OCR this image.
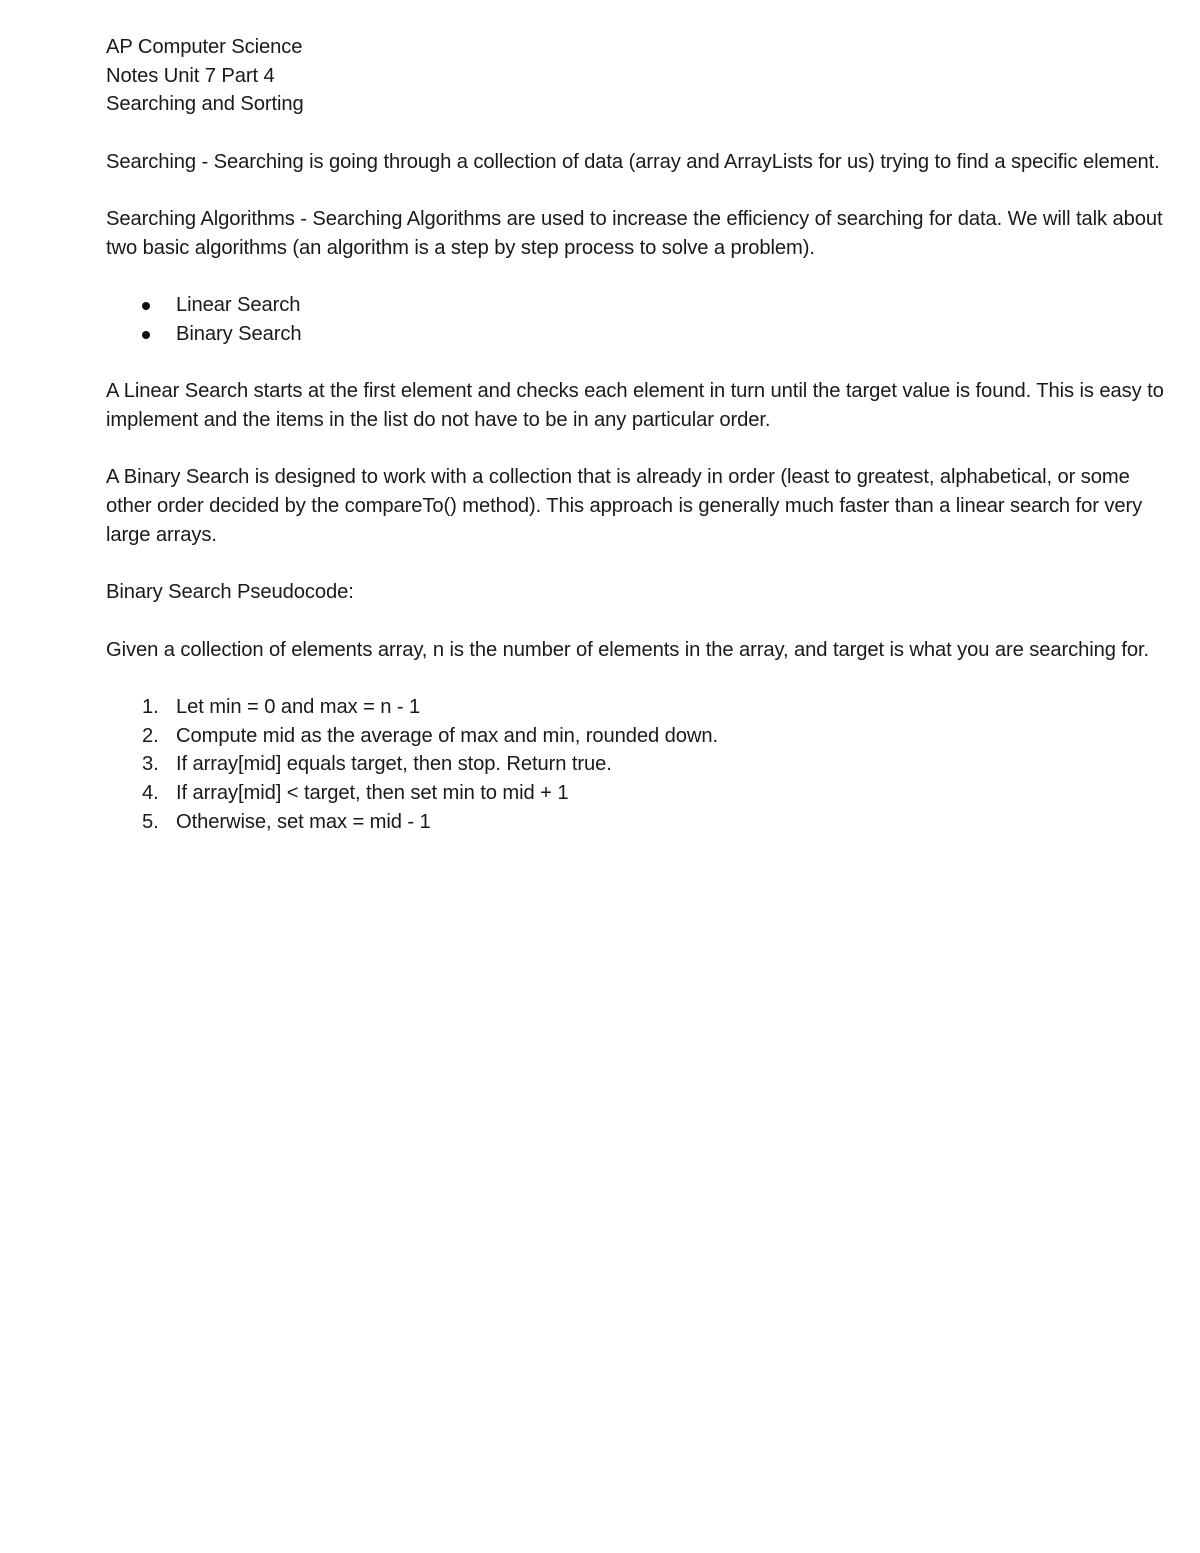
AP Computer Science

Notes Unit 7 Part 4

Searching and Sorting

Searching - Searching is going through a collection of data (array and ArrayLists for us) trying to find a specific element.

Searching Algorithms - Searching Algorithms are used to increase the efficiency of searching for data. We will talk about two basic algorithms (an algorithm is a step by step process to solve a problem).

Linear Search
Binary Search

A Linear Search starts at the first element and checks each element in turn until the target value is found. This is easy to implement and the items in the list do not have to be in any particular order.

A Binary Search is designed to work with a collection that is already in order (least to greatest, alphabetical, or some other order decided by the compareTo() method). This approach is generally much faster than a linear search for very large arrays.

Binary Search Pseudocode:

Given a collection of elements array, n is the number of elements in the array, and target is what you are searching for.

1. Let min = 0 and max = n - 1
2. Compute mid as the average of max and min, rounded down.
3. If array[mid] equals target, then stop. Return true.
4. If array[mid] < target, then set min to mid + 1
5. Otherwise, set max = mid - 1
